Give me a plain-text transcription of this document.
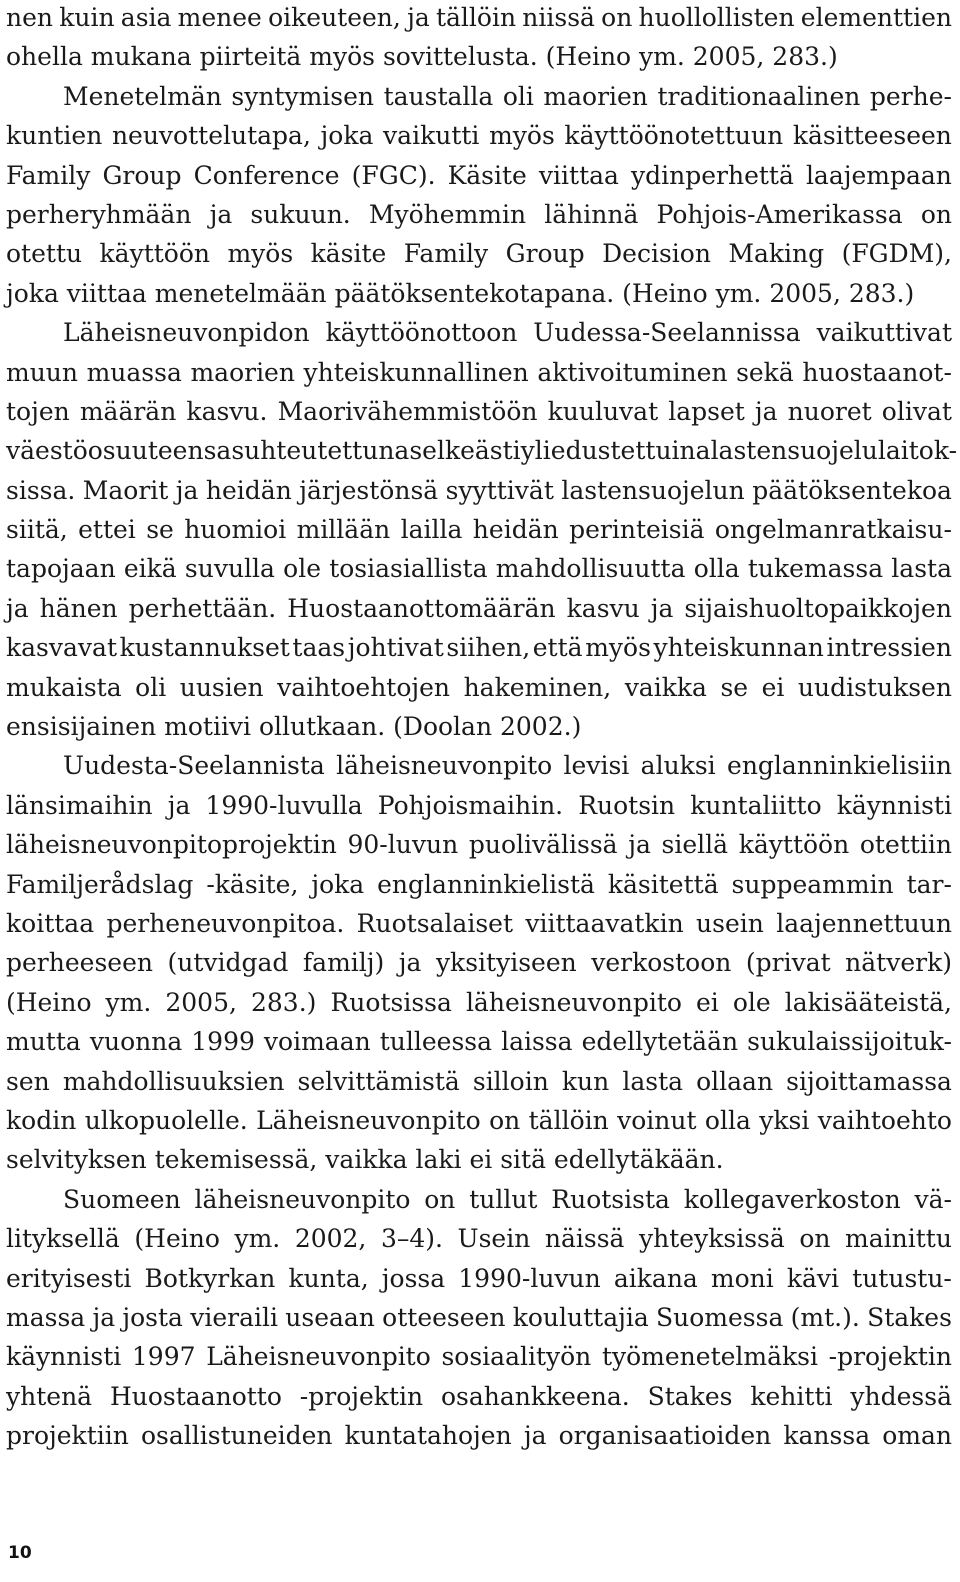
nen kuin asia menee oikeuteen, ja tällöin niissä on huollollisten elementtien
ohella mukana piirteitä myös sovittelusta. (Heino ym. 2005, 283.)
Menetelmän syntymisen taustalla oli maorien traditionaalinen perhe-
kuntien neuvottelutapa, joka vaikutti myös käyttöönotettuun käsitteeseen
Family Group Conference (FGC). Käsite viittaa ydinperhettä laajempaan
perheryhmään ja sukuun. Myöhemmin lähinnä Pohjois-Amerikassa on
otettu käyttöön myös käsite Family Group Decision Making (FGDM),
joka viittaa menetelmään päätöksentekotapana. (Heino ym. 2005, 283.)
Läheisneuvonpidon käyttöönottoon Uudessa-Seelannissa vaikuttivat
muun muassa maorien yhteiskunnallinen aktivoituminen sekä huostaanot-
tojen määrän kasvu. Maorivähemmistöön kuuluvat lapset ja nuoret olivat
väestöosuuteensa suhteutettuna selkeästi yliedustettuina lastensuojelulaitok-
sissa. Maorit ja heidän järjestönsä syyttivät lastensuojelun päätöksentekoa
siitä, ettei se huomioi millään lailla heidän perinteisiä ongelmanratkaisu-
tapojaan eikä suvulla ole tosiasiallista mahdollisuutta olla tukemassa lasta
ja hänen perhettään. Huostaanottomäärän kasvu ja sijaishuoltopaikkojen
kasvavat kustannukset taas johtivat siihen, että myös yhteiskunnan intressien
mukaista oli uusien vaihtoehtojen hakeminen, vaikka se ei uudistuksen
ensisijainen motiivi ollutkaan. (Doolan 2002.)
Uudesta-Seelannista läheisneuvonpito levisi aluksi englanninkielisiin
länsimaihin ja 1990-luvulla Pohjoismaihin. Ruotsin kuntaliitto käynnisti
läheisneuvonpitoprojektin 90-luvun puolivälissä ja siellä käyttöön otettiin
Familjerådslag -käsite, joka englanninkielistä käsitettä suppeammin tar-
koittaa perheneuvonpitoa. Ruotsalaiset viittaavatkin usein laajennettuun
perheeseen (utvidgad familj) ja yksityiseen verkostoon (privat nätverk)
(Heino ym. 2005, 283.) Ruotsissa läheisneuvonpito ei ole lakisääteistä,
mutta vuonna 1999 voimaan tulleessa laissa edellytetään sukulaissijoituk-
sen mahdollisuuksien selvittämistä silloin kun lasta ollaan sijoittamassa
kodin ulkopuolelle. Läheisneuvonpito on tällöin voinut olla yksi vaihtoehto
selvityksen tekemisessä, vaikka laki ei sitä edellytäkään.
Suomeen läheisneuvonpito on tullut Ruotsista kollegaverkoston vä-
lityksellä (Heino ym. 2002, 3–4). Usein näissä yhteyksissä on mainittu
erityisesti Botkyrkan kunta, jossa 1990-luvun aikana moni kävi tutustu-
massa ja josta vieraili useaan otteeseen kouluttajia Suomessa (mt.). Stakes
käynnisti 1997 Läheisneuvonpito sosiaalityön työmenetelmäksi -projektin
yhtenä Huostaanotto -projektin osahankkeena. Stakes kehitti yhdessä
projektiin osallistuneiden kuntatahojen ja organisaatioiden kanssa oman
10
